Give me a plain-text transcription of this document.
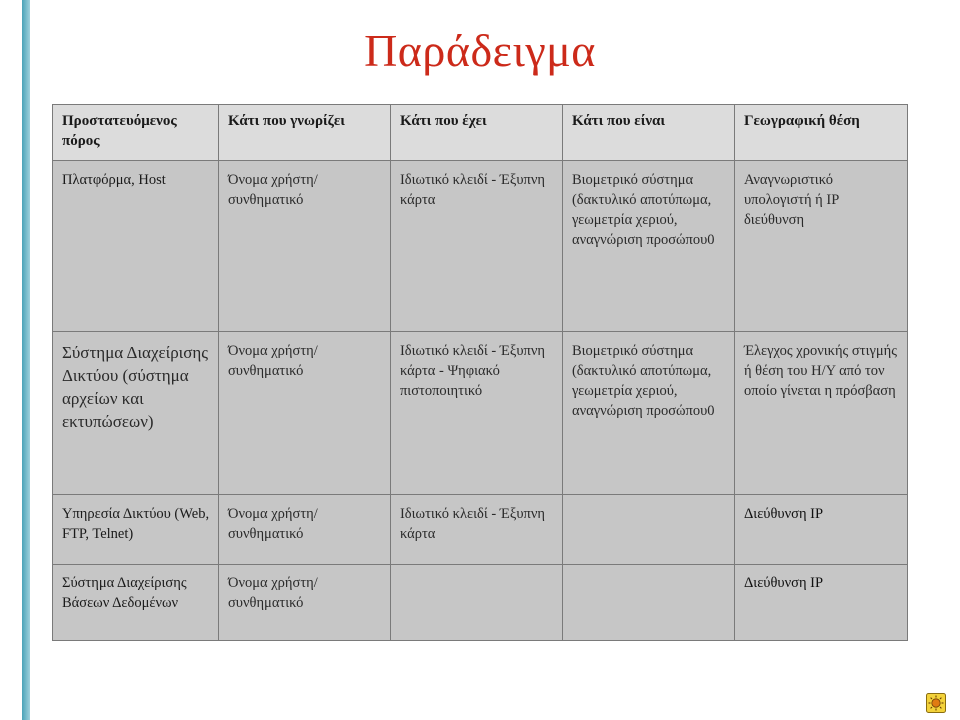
Παράδειγμα
Προστατευόμενος πόρος	Κάτι που γνωρίζει	Κάτι που έχει	Κάτι που είναι	Γεωγραφική θέση
Πλατφόρμα, Host	Όνομα χρήστη/ συνθηματικό	Ιδιωτικό κλειδί - Έξυπνη κάρτα	Βιομετρικό σύστημα (δακτυλικό αποτύπωμα, γεωμετρία χεριού, αναγνώριση προσώπου0	Αναγνωριστικό υπολογιστή ή IP διεύθυνση
Σύστημα Διαχείρισης Δικτύου (σύστημα αρχείων και εκτυπώσεων)	Όνομα χρήστη/ συνθηματικό	Ιδιωτικό κλειδί - Έξυπνη κάρτα - Ψηφιακό πιστοποιητικό	Βιομετρικό σύστημα (δακτυλικό αποτύπωμα, γεωμετρία χεριού, αναγνώριση προσώπου0	Έλεγχος χρονικής στιγμής ή θέση του Η/Υ από τον οποίο γίνεται η πρόσβαση
Υπηρεσία Δικτύου (Web, FTP, Telnet)	Όνομα χρήστη/ συνθηματικό	Ιδιωτικό κλειδί - Έξυπνη κάρτα		Διεύθυνση IP
Σύστημα Διαχείρισης Βάσεων Δεδομένων	Όνομα χρήστη/ συνθηματικό			Διεύθυνση IP
